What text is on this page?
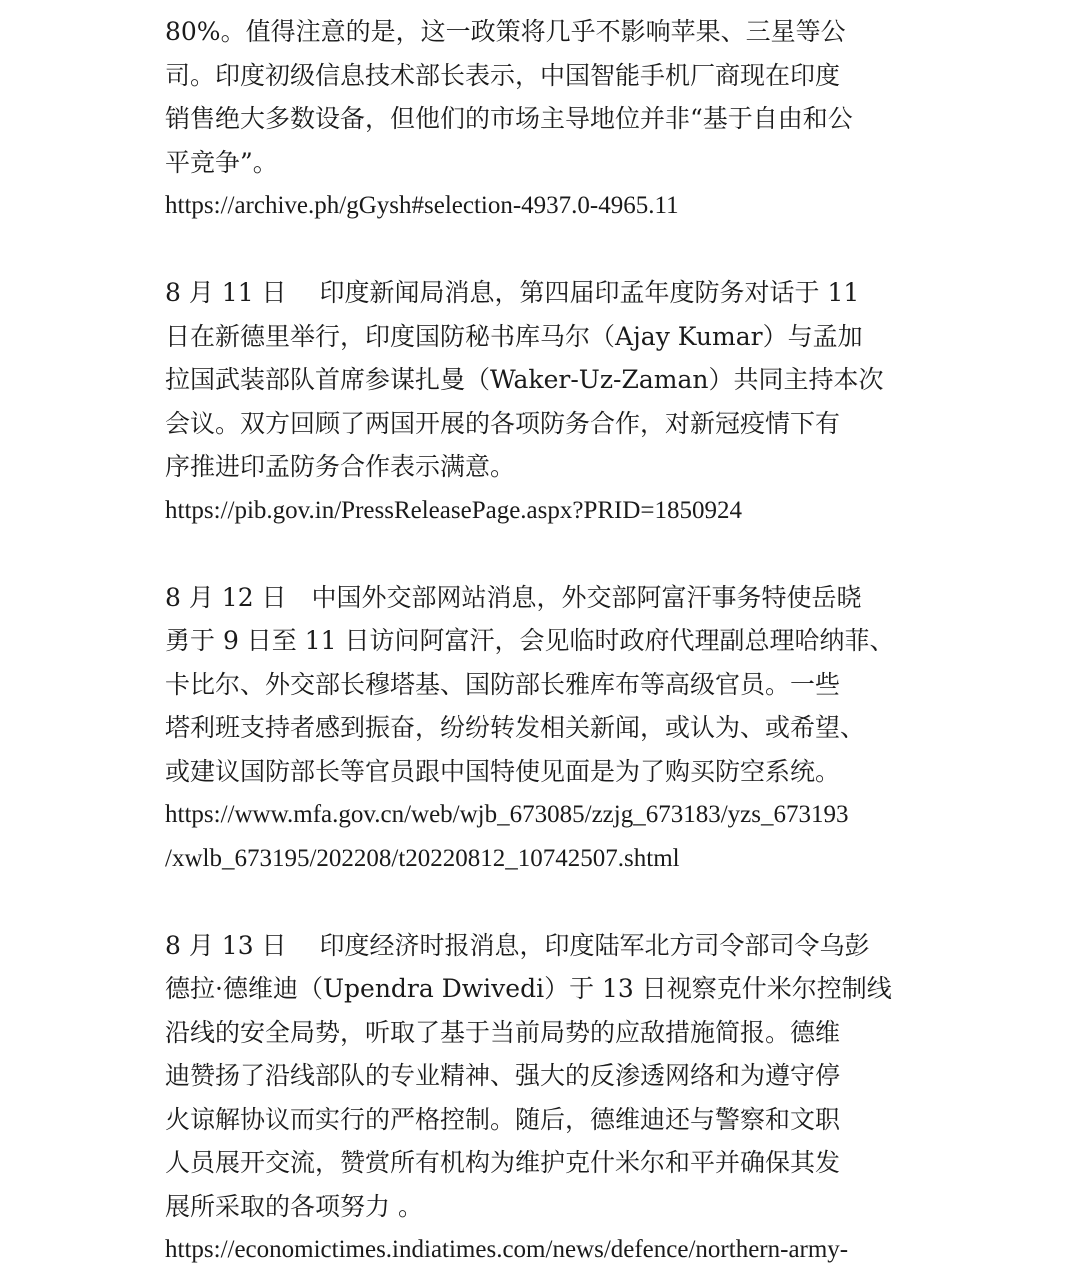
80%。值得注意的是，这一政策将几乎不影响苹果、三星等公
司。印度初级信息技术部长表示，中国智能手机厂商现在印度
销售绝大多数设备，但他们的市场主导地位并非“基于自由和公
平竞争”。
https://archive.ph/gGysh#selection-4937.0-4965.11
8 月 11 日　 印度新闻局消息，第四届印孟年度防务对话于 11
日在新德里举行，印度国防秘书库马尔（Ajay Kumar）与孟加
拉国武装部队首席参谋扎曼（Waker-Uz-Zaman）共同主持本次
会议。双方回顾了两国开展的各项防务合作，对新冠疫情下有
序推进印孟防务合作表示满意。
https://pib.gov.in/PressReleasePage.aspx?PRID=1850924
8 月 12 日　中国外交部网站消息，外交部阿富汗事务特使岳晓
勇于 9 日至 11 日访问阿富汗，会见临时政府代理副总理哈纳菲、
卡比尔、外交部长穆塔基、国防部长雅库布等高级官员。一些
塔利班支持者感到振奋，纷纷转发相关新闻，或认为、或希望、
或建议国防部长等官员跟中国特使见面是为了购买防空系统。
https://www.mfa.gov.cn/web/wjb_673085/zzjg_673183/yzs_673193
/xwlb_673195/202208/t20220812_10742507.shtml
8 月 13 日　 印度经济时报消息，印度陆军北方司令部司令乌彭
德拉·德维迪（Upendra Dwivedi）于 13 日视察克什米尔控制线
沿线的安全局势，听取了基于当前局势的应敌措施简报。德维
迪赞扬了沿线部队的专业精神、强大的反渗透网络和为遵守停
火谅解协议而实行的严格控制。随后，德维迪还与警察和文职
人员展开交流，赞赏所有机构为维护克什米尔和平并确保其发
展所采取的各项努力 。
https://economictimes.indiatimes.com/news/defence/northern-army-
